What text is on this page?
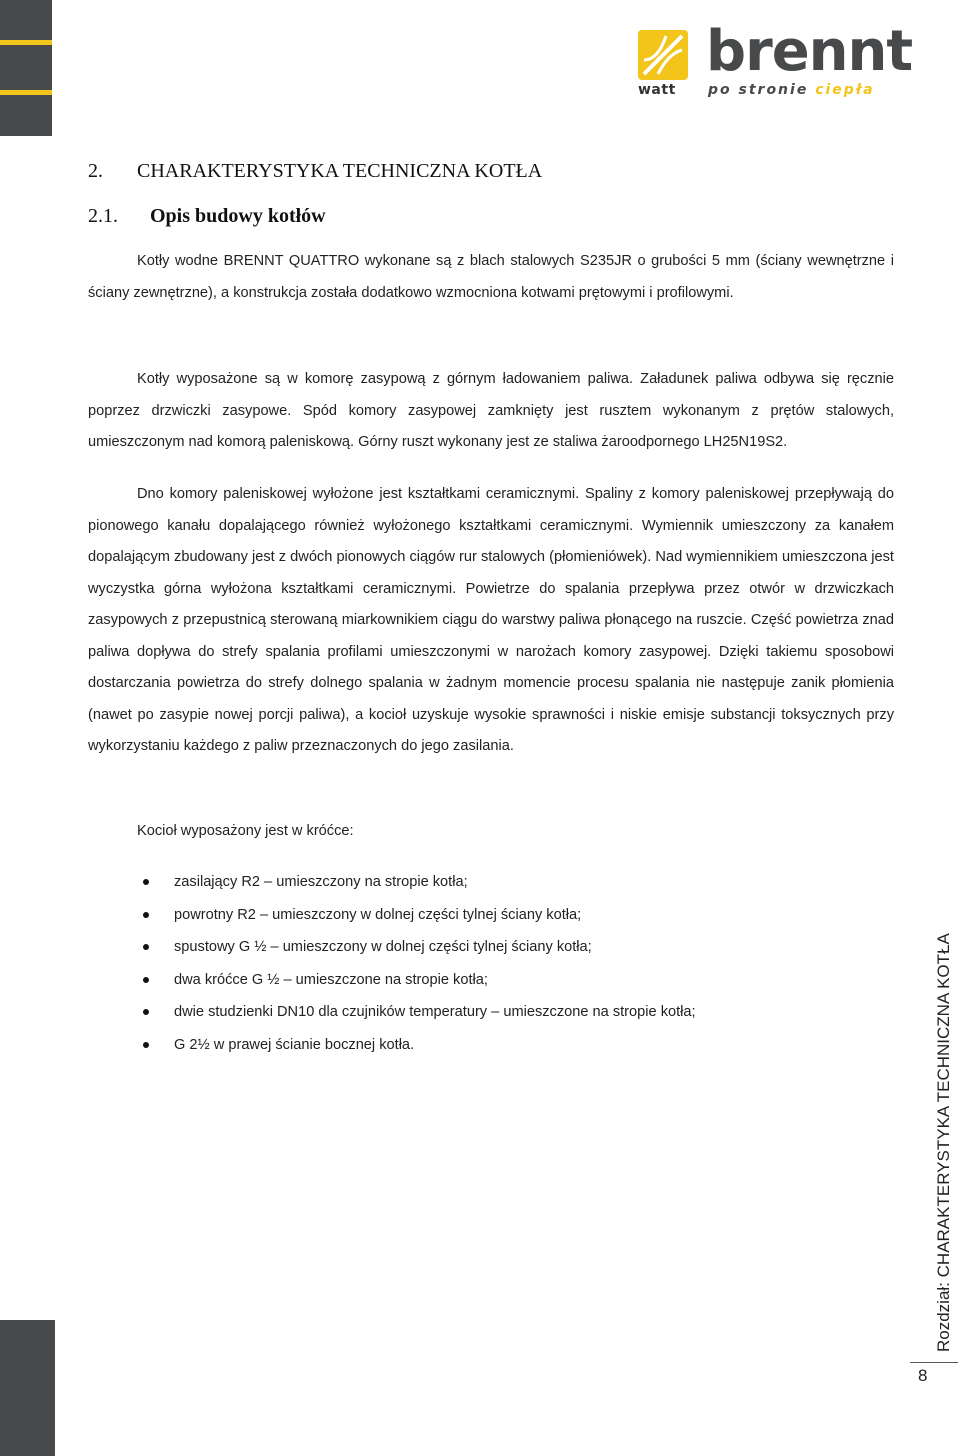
watt
brennt
po stronie ciepła
2. CHARAKTERYSTYKA TECHNICZNA KOTŁA
2.1. Opis budowy kotłów
Kotły wodne BRENNT QUATTRO wykonane są z blach stalowych S235JR o grubości 5 mm (ściany wewnętrzne i ściany zewnętrzne), a konstrukcja została dodatkowo wzmocniona kotwami prętowymi i profilowymi.
Kotły wyposażone są w komorę zasypową z górnym ładowaniem paliwa. Załadunek paliwa odbywa się ręcznie poprzez drzwiczki zasypowe. Spód komory zasypowej zamknięty jest rusztem wykonanym z prętów stalowych, umieszczonym nad komorą paleniskową. Górny ruszt wykonany jest ze staliwa żaroodpornego LH25N19S2.
Dno komory paleniskowej wyłożone jest kształtkami ceramicznymi. Spaliny z komory paleniskowej przepływają do pionowego kanału dopalającego również wyłożonego kształtkami ceramicznymi. Wymiennik umieszczony za kanałem dopalającym zbudowany jest z dwóch pionowych ciągów rur stalowych (płomieniówek). Nad wymiennikiem umieszczona jest wyczystka górna wyłożona kształtkami ceramicznymi. Powietrze do spalania przepływa przez otwór w drzwiczkach zasypowych z przepustnicą sterowaną miarkownikiem ciągu do warstwy paliwa płonącego na ruszcie. Część powietrza znad paliwa dopływa do strefy spalania profilami umieszczonymi w narożach komory zasypowej. Dzięki takiemu sposobowi dostarczania powietrza do strefy dolnego spalania w żadnym momencie procesu spalania nie następuje zanik płomienia (nawet po zasypie nowej porcji paliwa), a kocioł uzyskuje wysokie sprawności i niskie emisje substancji toksycznych przy wykorzystaniu każdego z paliw przeznaczonych do jego zasilania.
Kocioł wyposażony jest w króćce:
zasilający R2 – umieszczony na stropie kotła;
powrotny R2 – umieszczony w dolnej części tylnej ściany kotła;
spustowy G ½ – umieszczony w dolnej części tylnej ściany kotła;
dwa króćce G ½ – umieszczone na stropie kotła;
dwie studzienki DN10 dla czujników temperatury – umieszczone na stropie kotła;
G 2½ w prawej ścianie bocznej kotła.	Rozdział: CHARAKTERYSTYKA TECHNICZNA KOTŁA
8
